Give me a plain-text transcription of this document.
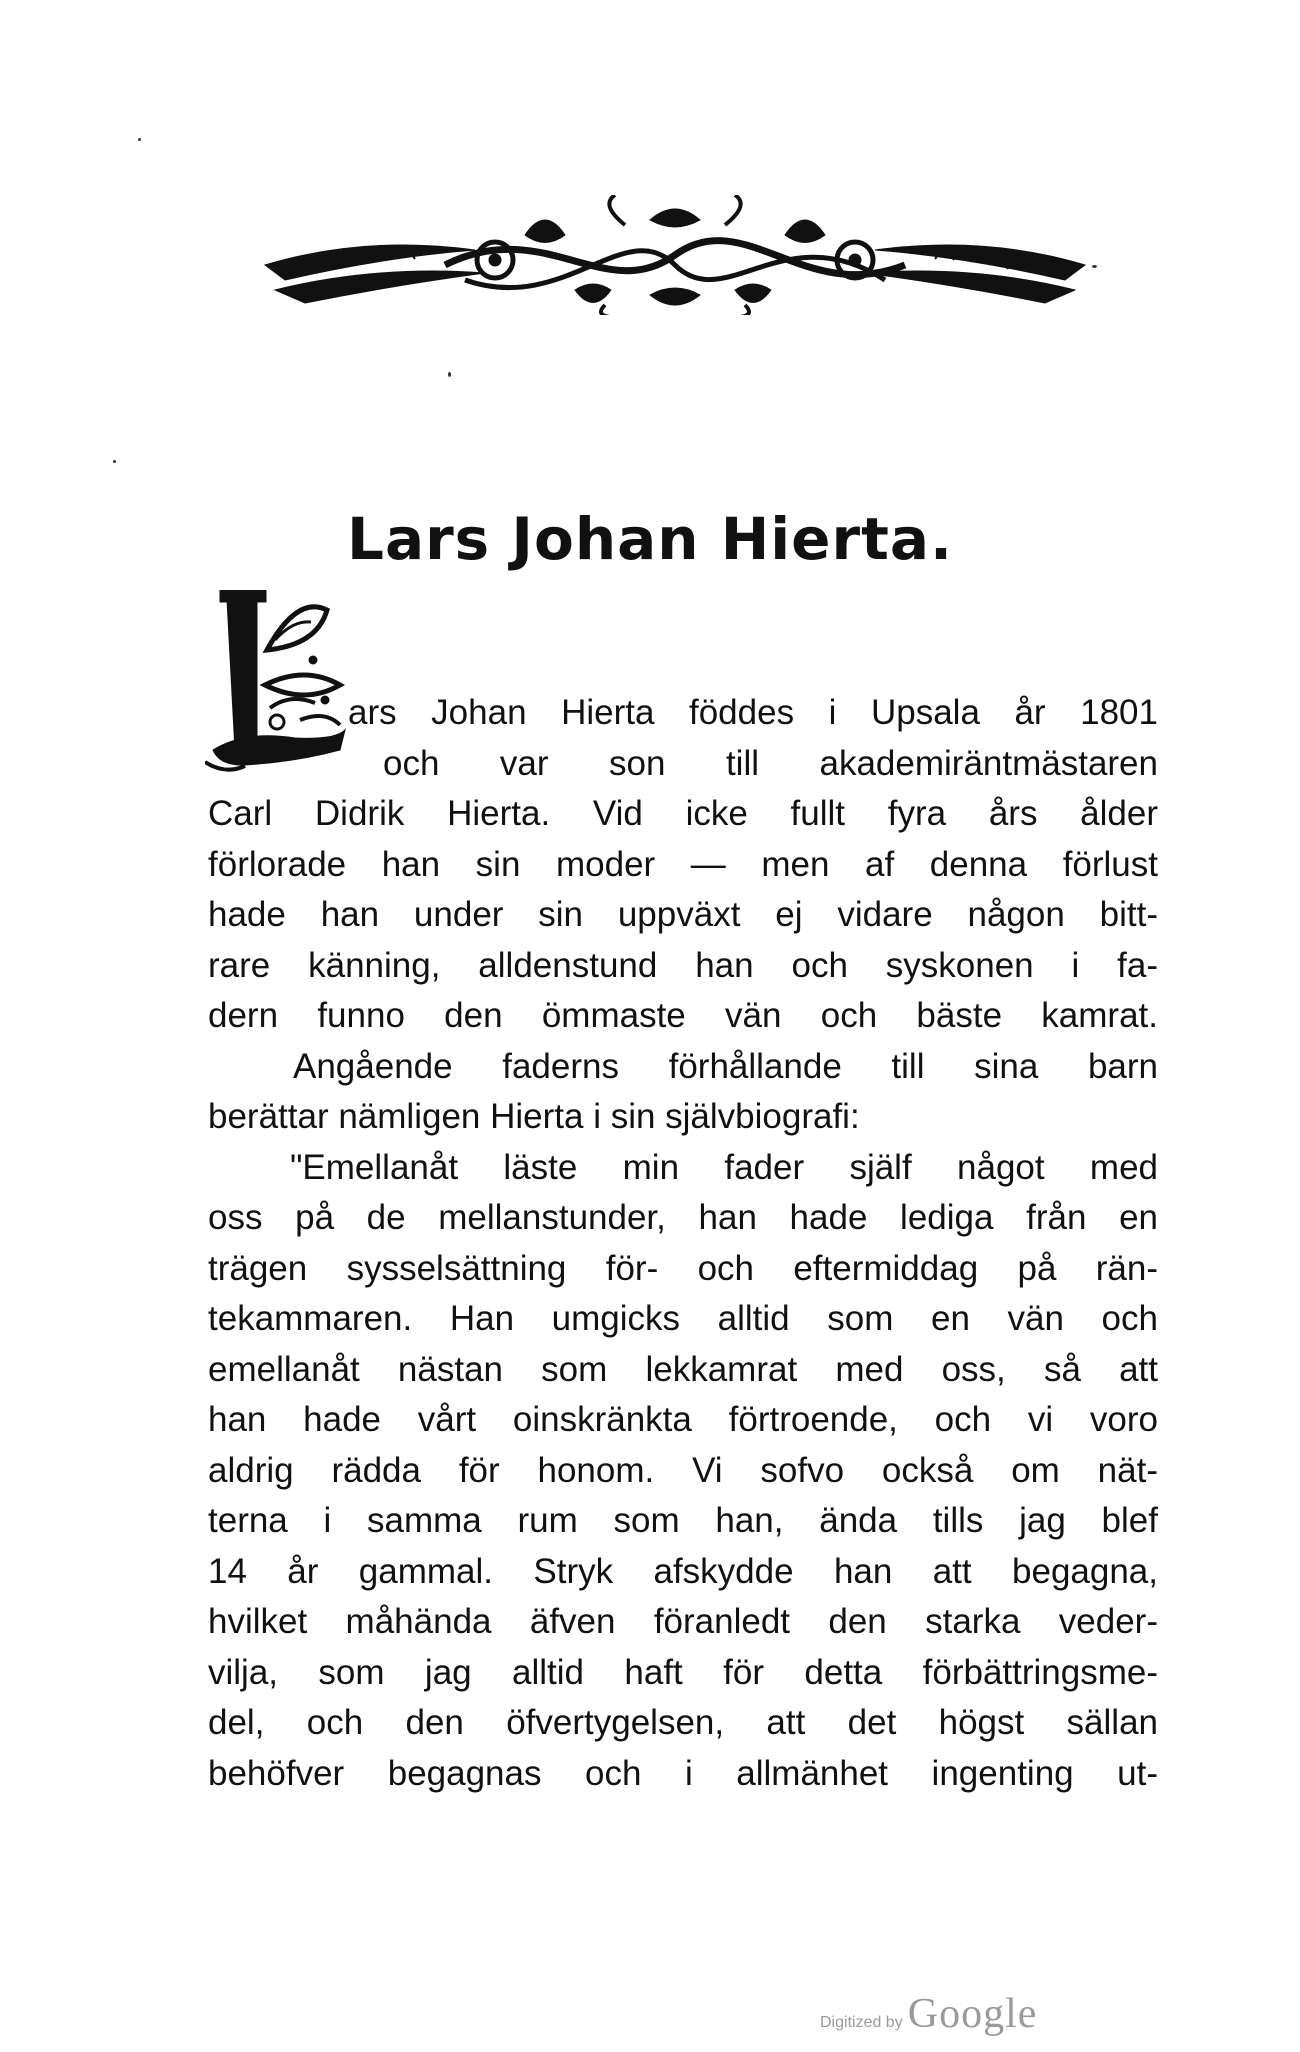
Lars Johan Hierta.
ars Johan Hierta föddes i Upsala år 1801
och var son till akademiräntmästaren
Carl Didrik Hierta. Vid icke fullt fyra års ålder
förlorade han sin moder — men af denna förlust
hade han under sin uppväxt ej vidare någon bitt-
rare känning, alldenstund han och syskonen i fa-
dern funno den ömmaste vän och bäste kamrat.
Angående faderns förhållande till sina barn
berättar nämligen Hierta i sin självbiografi:
"Emellanåt läste min fader själf något med
oss på de mellanstunder, han hade lediga från en
trägen sysselsättning för- och eftermiddag på rän-
tekammaren. Han umgicks alltid som en vän och
emellanåt nästan som lekkamrat med oss, så att
han hade vårt oinskränkta förtroende, och vi voro
aldrig rädda för honom. Vi sofvo också om nät-
terna i samma rum som han, ända tills jag blef
14 år gammal. Stryk afskydde han att begagna,
hvilket måhända äfven föranledt den starka veder-
vilja, som jag alltid haft för detta förbättringsme-
del, och den öfvertygelsen, att det högst sällan
behöfver begagnas och i allmänhet ingenting ut-
Digitized by Google
